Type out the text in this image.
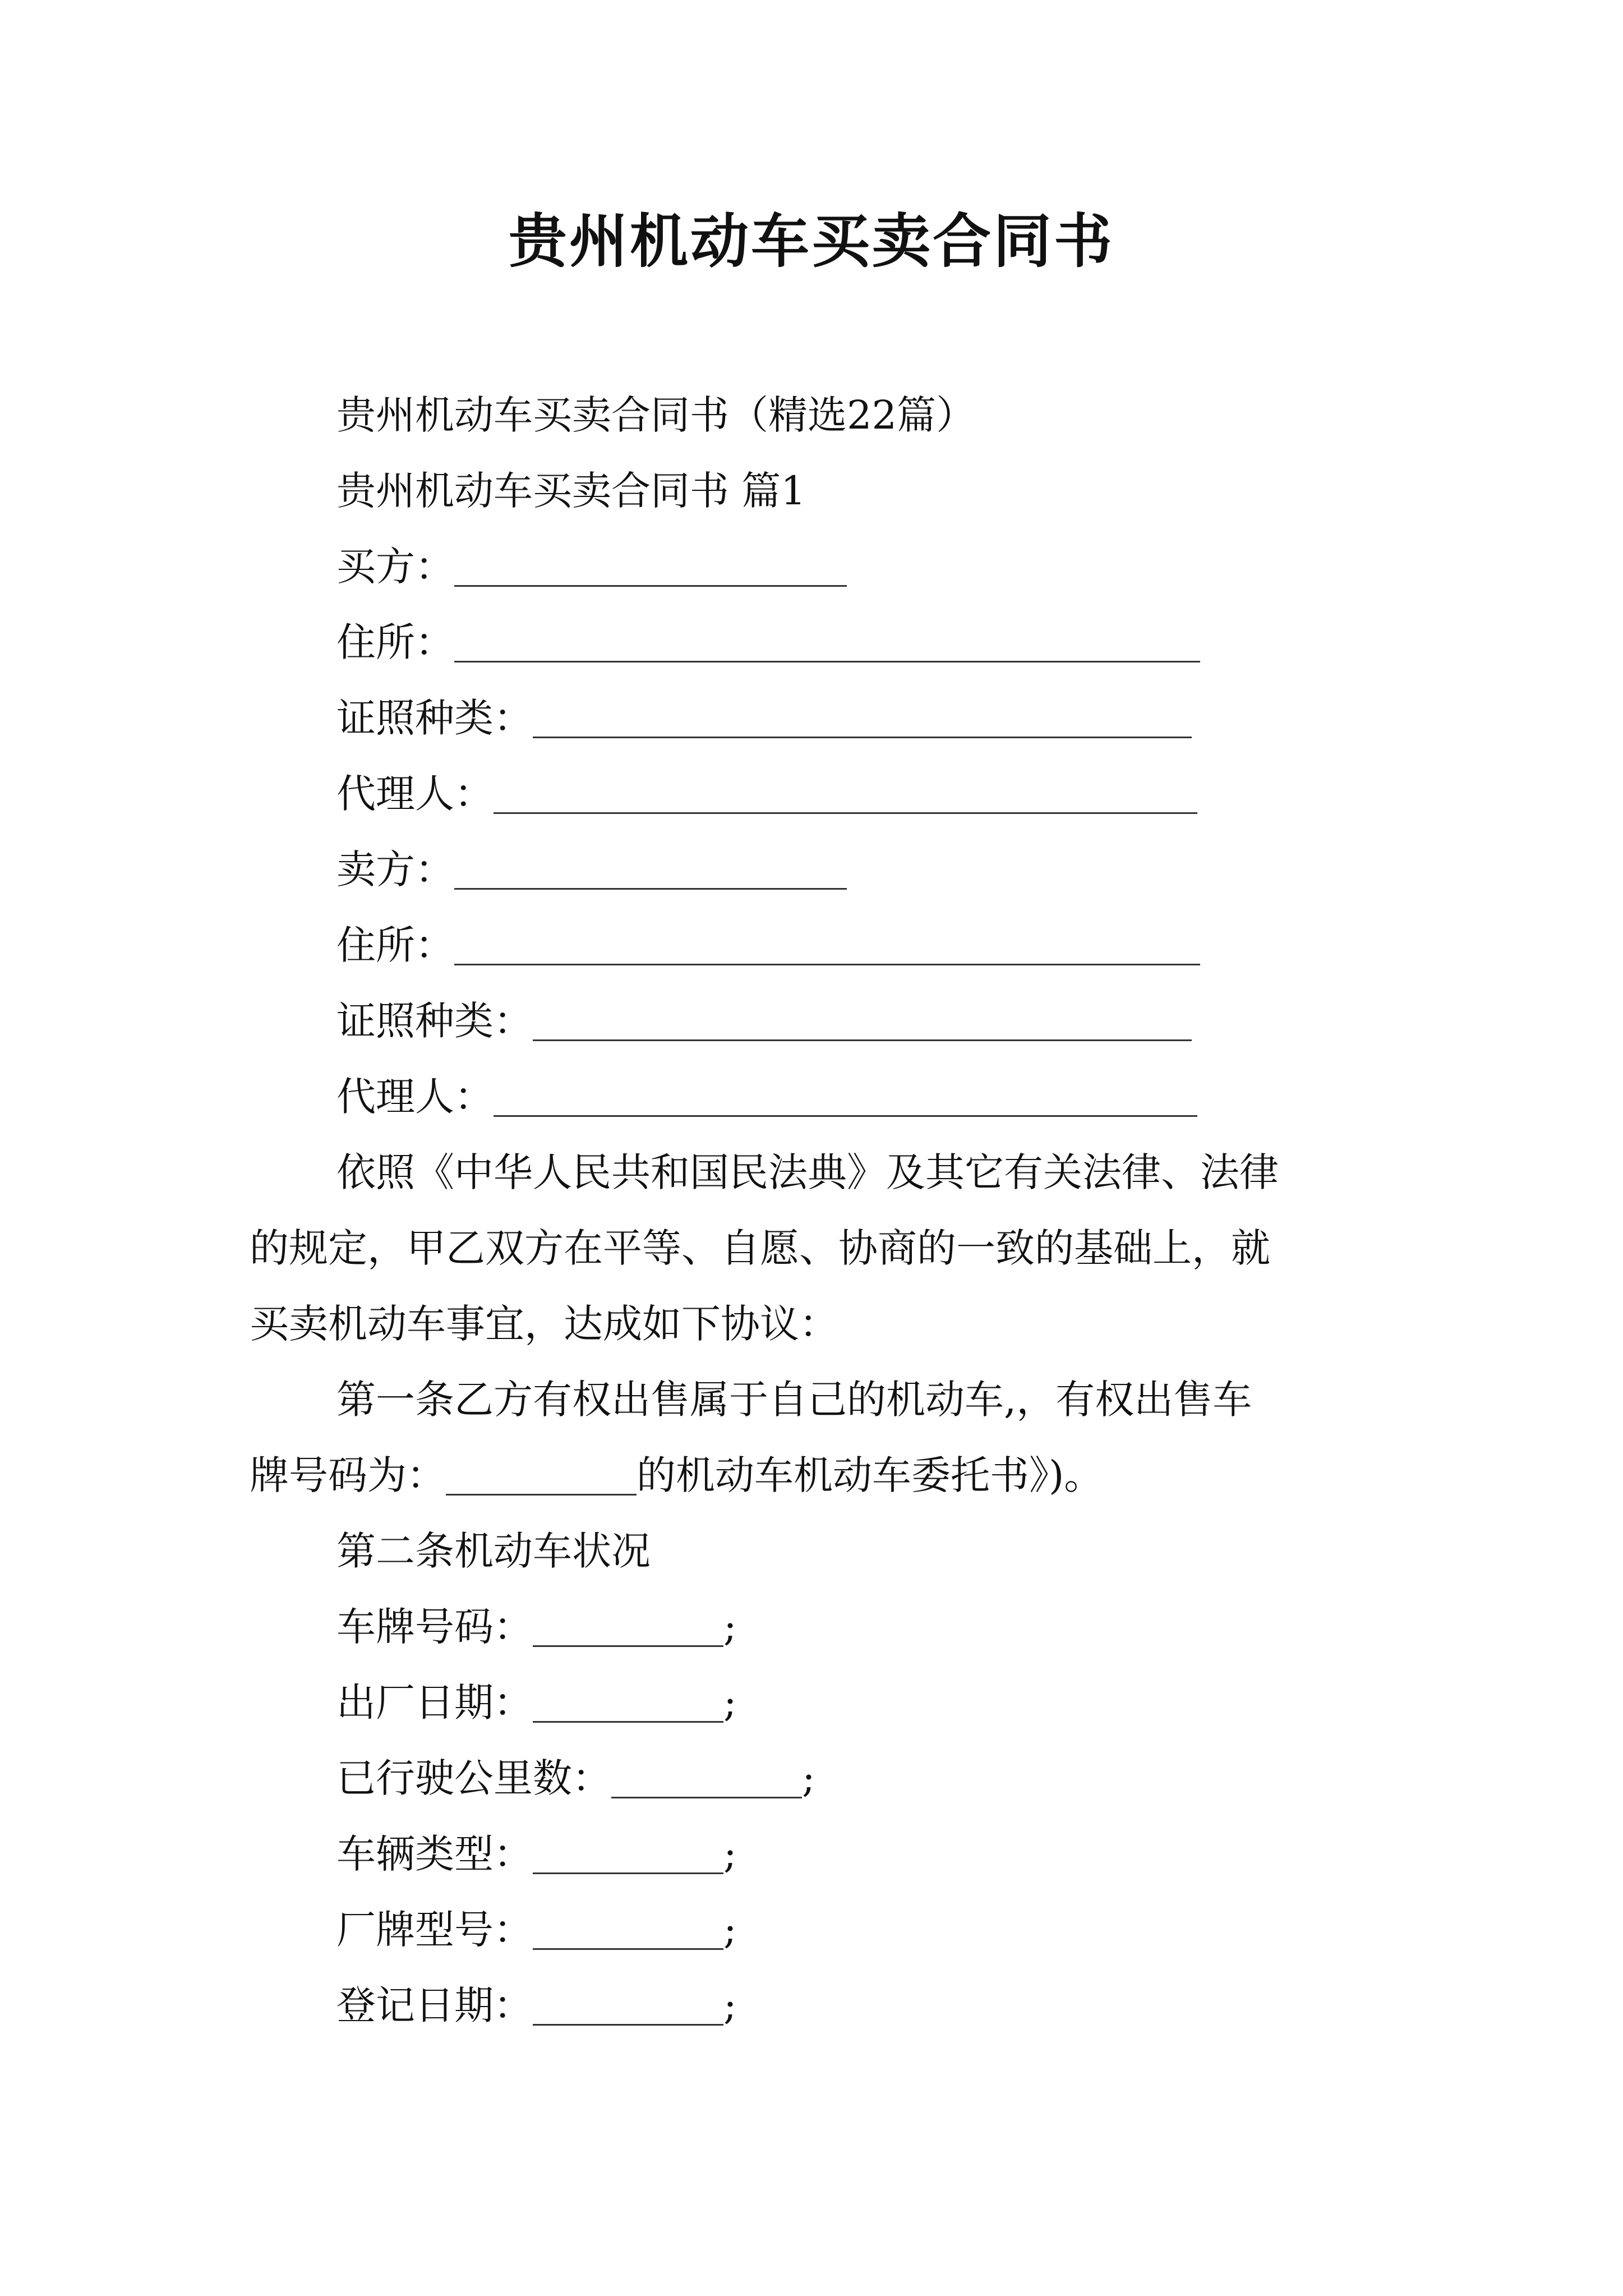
贵州机动车买卖合同书
贵州机动车买卖合同书（精选22篇）
贵州机动车买卖合同书 篇1
买方：
住所：
证照种类：
代理人：
卖方：
住所：
证照种类：
代理人：
依照《中华人民共和国民法典》及其它有关法律、法律
的规定，甲乙双方在平等、自愿、协商的一致的基础上，就
买卖机动车事宜，达成如下协议：
第一条乙方有权出售属于自己的机动车,，有权出售车
牌号码为：	的机动车机动车委托书》)。
第二条机动车状况
车牌号码：	;
出厂日期：	;
已行驶公里数：	;
车辆类型：	;
厂牌型号：	;
登记日期：	;
